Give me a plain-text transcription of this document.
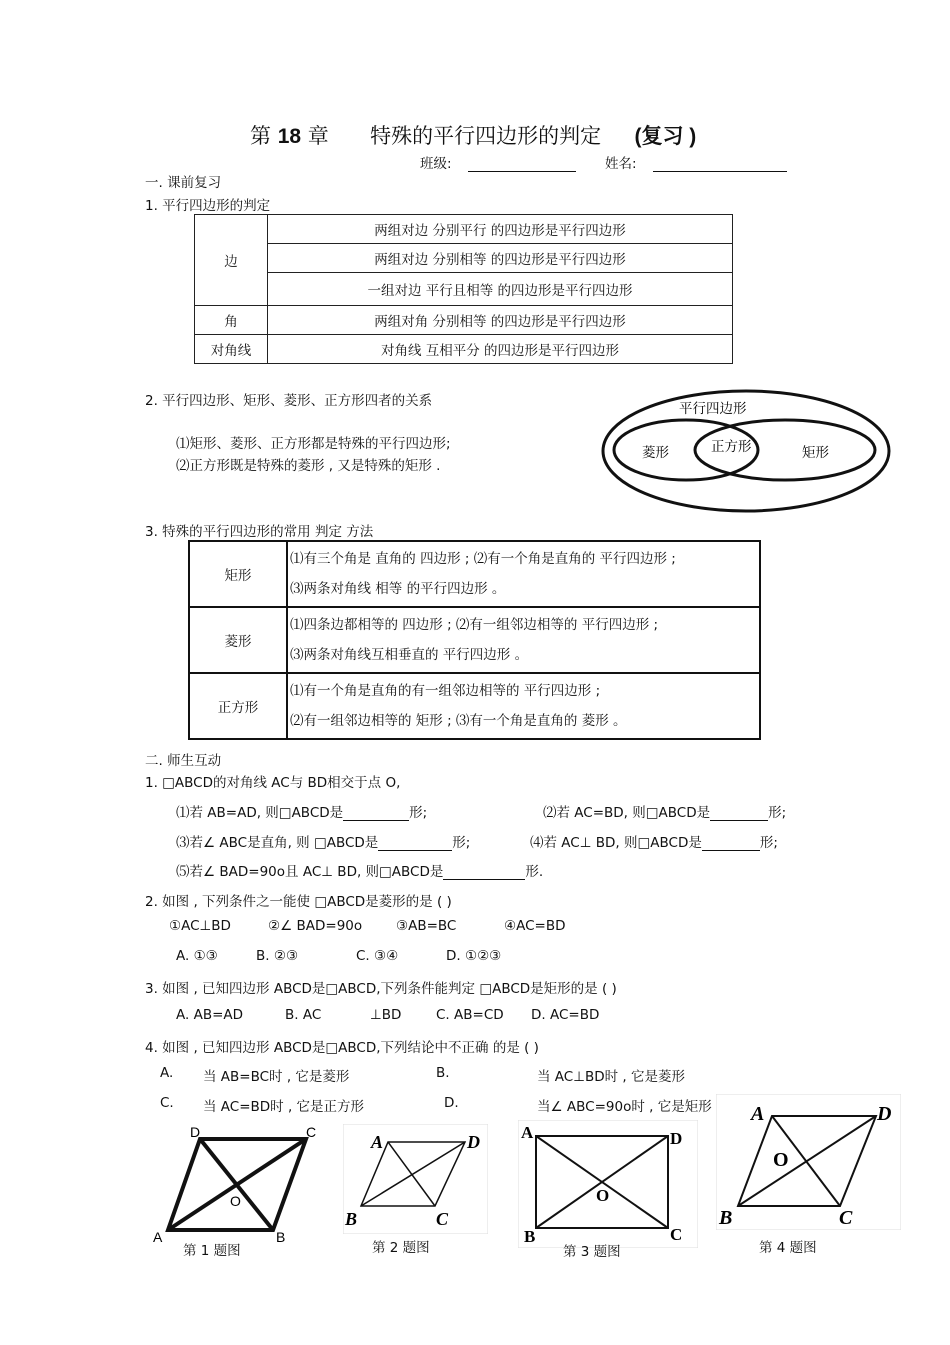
第 18 章 特殊的平行四边形的判定 (复习 )
班级:	姓名:
一. 课前复习
1. 平行四边形的判定
边	两组对边 分别平行 的四边形是平行四边形
	两组对边 分别相等 的四边形是平行四边形
	一组对边 平行且相等 的四边形是平行四边形
角	两组对角 分别相等 的四边形是平行四边形
对角线	对角线 互相平分 的四边形是平行四边形
2. 平行四边形、矩形、菱形、正方形四者的关系
⑴矩形、菱形、正方形都是特殊的平行四边形;
⑵正方形既是特殊的菱形 , 又是特殊的矩形 .
平行四边形
菱形	正方形	矩形
3. 特殊的平行四边形的常用 判定 方法
矩形	⑴有三个角是 直角的 四边形 ; ⑵有一个角是直角的 平行四边形 ;
⑶两条对角线 相等 的平行四边形 。

菱形	⑴四条边都相等的 四边形 ; ⑵有一组邻边相等的 平行四边形 ;
⑶两条对角线互相垂直的 平行四边形 。

正方形	⑴有一个角是直角的有一组邻边相等的 平行四边形 ;
⑵有一组邻边相等的 矩形 ; ⑶有一个角是直角的 菱形 。
二. 师生互动
1. □ABCD的对角线 AC与 BD相交于点 O,
⑴若 AB=AD, 则□ABCD是	形;	⑵若 AC=BD, 则□ABCD是	形;
⑶若∠ ABC是直角, 则 □ABCD是	形;	⑷若 AC⊥ BD, 则□ABCD是	形;
⑸若∠ BAD=90o且 AC⊥ BD, 则□ABCD是	形.
2. 如图 , 下列条件之一能使 □ABCD是菱形的是 ( )
①AC⊥BD	②∠ BAD=90o	③AB=BC	④AC=BD
A. ①③	B. ②③	C. ③④	D. ①②③
3. 如图 , 已知四边形 ABCD是□ABCD,下列条件能判定 □ABCD是矩形的是 ( )
A. AB=AD	B. AC	⊥BD	C. AB=CD D. AC=BD
4. 如图 , 已知四边形 ABCD是□ABCD,下列结论中不正确 的是 ( )
A. 当 AB=BC时 , 它是菱形	B.	当 AC⊥BD时 , 它是菱形
C. 当 AC=BD时 , 它是正方形	D.	当∠ ABC=90o时 , 它是矩形
D	C
O
A	B
第 1 题图
A	D
B	C
第 2 题图
A	D
O
B	C
第 3 题图
A	D
O
B	C
第 4 题图
